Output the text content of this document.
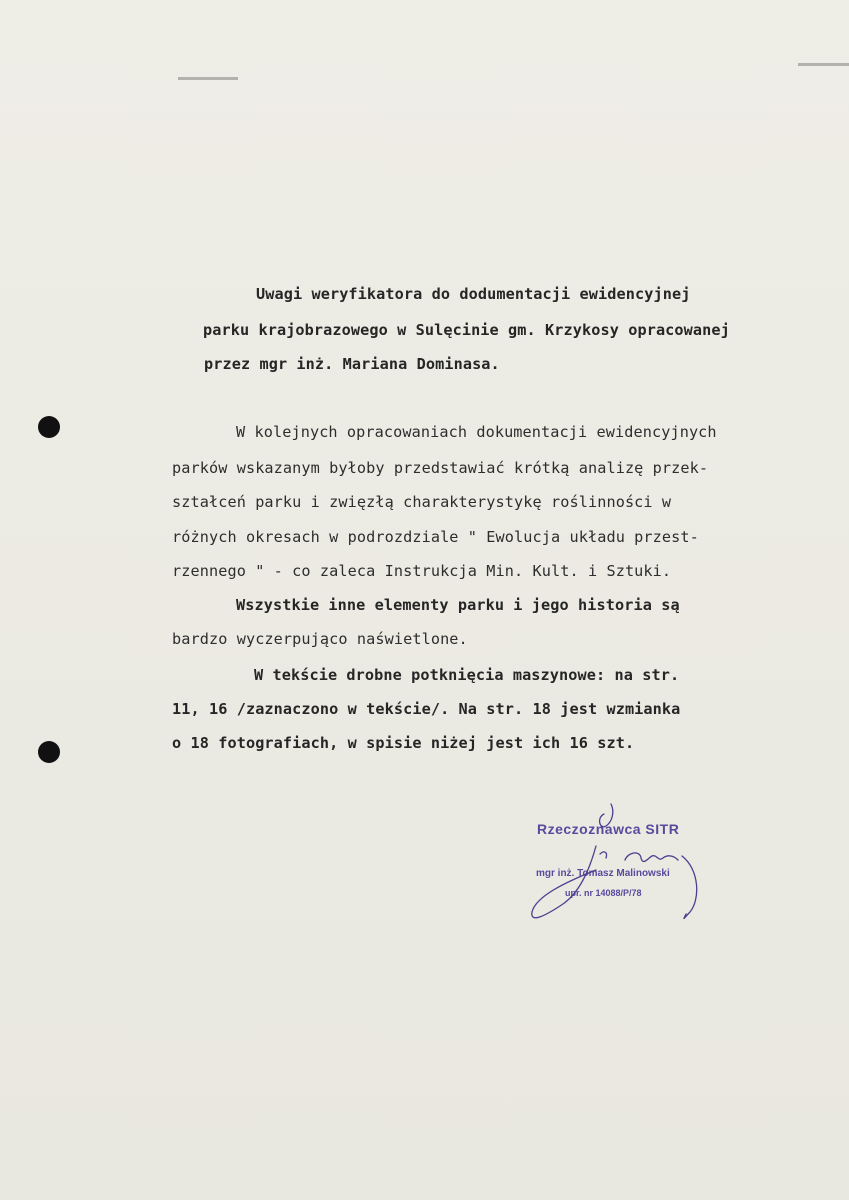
Uwagi weryfikatora do dodumentacji ewidencyjnej
parku krajobrazowego w Sulęcinie gm. Krzykosy opracowanej
przez mgr inż. Mariana Dominasa.
W kolejnych opracowaniach dokumentacji ewidencyjnych
parków wskazanym byłoby przedstawiać krótką analizę przek-
ształceń parku i zwięzłą charakterystykę roślinności w
różnych okresach w podrozdziale " Ewolucja układu przest-
rzennego " - co zaleca Instrukcja Min. Kult. i Sztuki.
Wszystkie inne elementy parku i jego historia są
bardzo wyczerpująco naświetlone.
W tekście drobne potknięcia maszynowe: na str.
11, 16 /zaznaczono w tekście/. Na str. 18 jest wzmianka
o 18 fotografiach, w spisie niżej jest ich 16 szt.
Rzeczoznawca SITR
mgr inż. Tomasz Malinowski
upr. nr 14088/P/78
